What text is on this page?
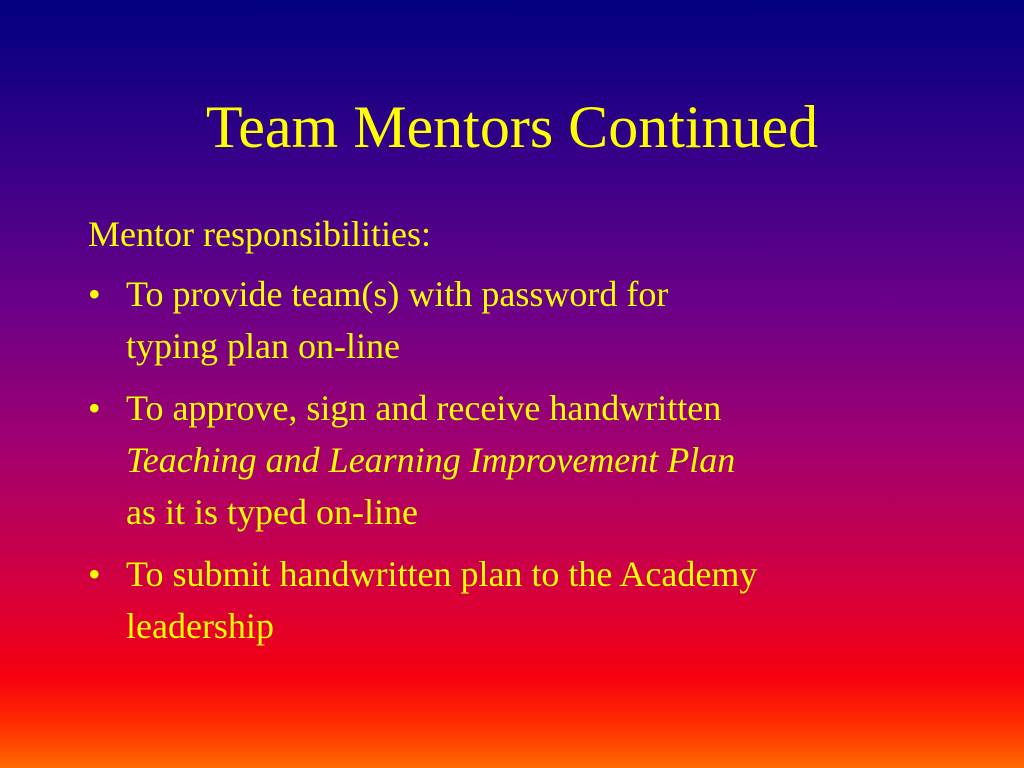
Team Mentors Continued

Mentor responsibilities:

• To provide team(s) with password for
typing plan on-line
• To approve, sign and receive handwritten
Teaching and Learning Improvement Plan
as it is typed on-line
• To submit handwritten plan to the Academy
leadership
